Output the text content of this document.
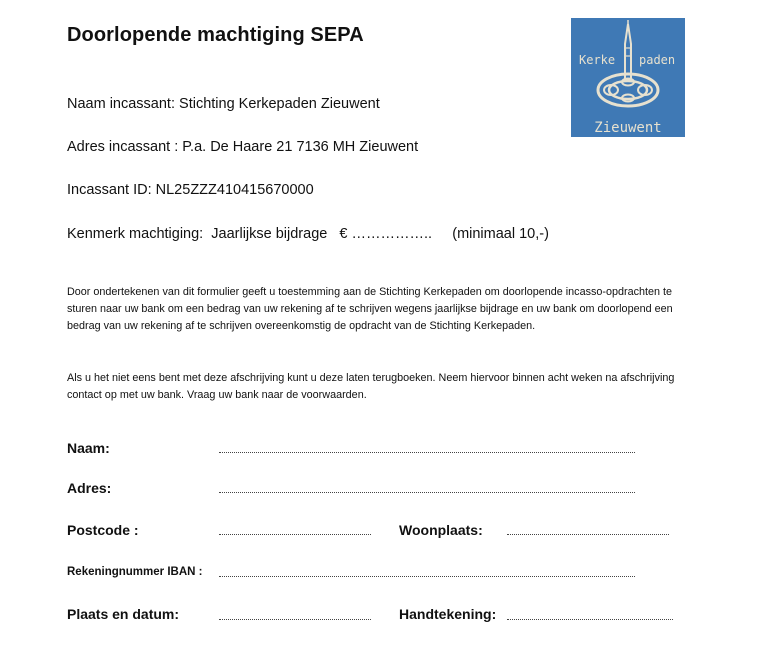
Doorlopende machtiging SEPA
Kerke paden
Zieuwent
Naam incassant: Stichting Kerkepaden Zieuwent
Adres incassant : P.a. De Haare 21 7136 MH Zieuwent
Incassant ID: NL25ZZZ410415670000
Kenmerk machtiging: Jaarlijkse bijdrage € …………….. (minimaal 10,-)

Door ondertekenen van dit formulier geeft u toestemming aan de Stichting Kerkepaden om doorlopende incasso-opdrachten te sturen naar uw bank om een bedrag van uw rekening af te schrijven wegens jaarlijkse bijdrage en uw bank om doorlopend een bedrag van uw rekening af te schrijven overeenkomstig de opdracht van de Stichting Kerkepaden.

Als u het niet eens bent met deze afschrijving kunt u deze laten terugboeken. Neem hiervoor binnen acht weken na afschrijving contact op met uw bank. Vraag uw bank naar de voorwaarden.

Naam:
Adres:
Postcode :	Woonplaats:
Rekeningnummer IBAN :
Plaats en datum:	Handtekening:
